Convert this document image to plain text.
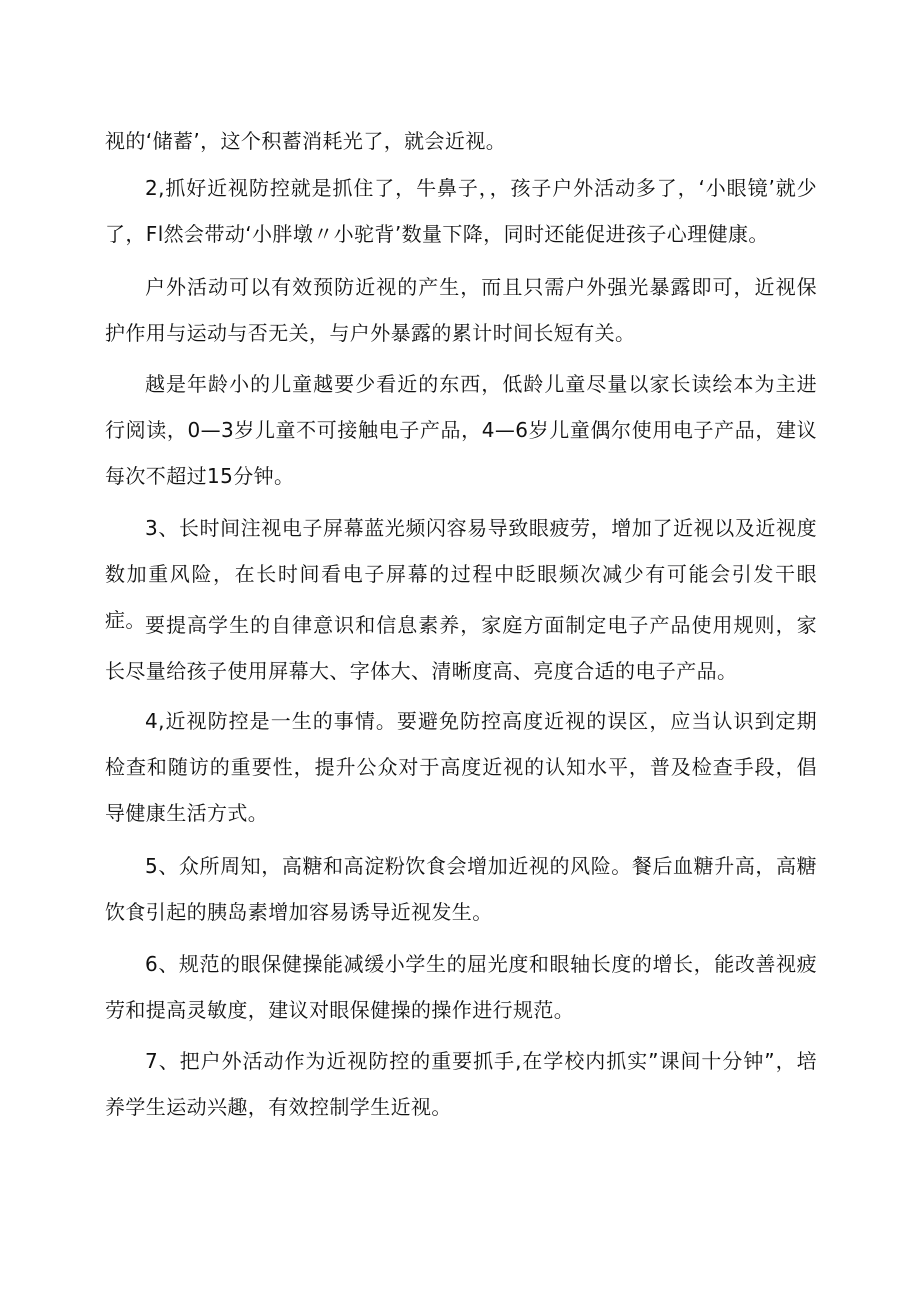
视的‘储蓄’，这个积蓄消耗光了，就会近视。

2,抓好近视防控就是抓住了，牛鼻子，，孩子户外活动多了，‘小眼镜’就少了，Fl然会带动‘小胖墩〃小驼背’数量下降，同时还能促进孩子心理健康。

户外活动可以有效预防近视的产生，而且只需户外强光暴露即可，近视保护作用与运动与否无关，与户外暴露的累计时间长短有关。

越是年龄小的儿童越要少看近的东西，低龄儿童尽量以家长读绘本为主进行阅读，0—3岁儿童不可接触电子产品，4—6岁儿童偶尔使用电子产品，建议每次不超过15分钟。

3、长时间注视电子屏幕蓝光频闪容易导致眼疲劳，增加了近视以及近视度数加重风险，在长时间看电子屏幕的过程中眨眼频次减少有可能会引发干眼症。 要提高学生的自律意识和信息素养，家庭方面制定电子产品使用规则，家长尽量给孩子使用屏幕大、字体大、清晰度高、亮度合适的电子产品。

4,近视防控是一生的事情。要避免防控高度近视的误区，应当认识到定期检查和随访的重要性，提升公众对于高度近视的认知水平，普及检查手段，倡导健康生活方式。

5、众所周知，高糖和高淀粉饮食会增加近视的风险。餐后血糖升高，高糖饮食引起的胰岛素增加容易诱导近视发生。

6、规范的眼保健操能减缓小学生的屈光度和眼轴长度的增长，能改善视疲劳和提高灵敏度，建议对眼保健操的操作进行规范。

7、把户外活动作为近视防控的重要抓手,在学校内抓实”课间十分钟”，培养学生运动兴趣，有效控制学生近视。
